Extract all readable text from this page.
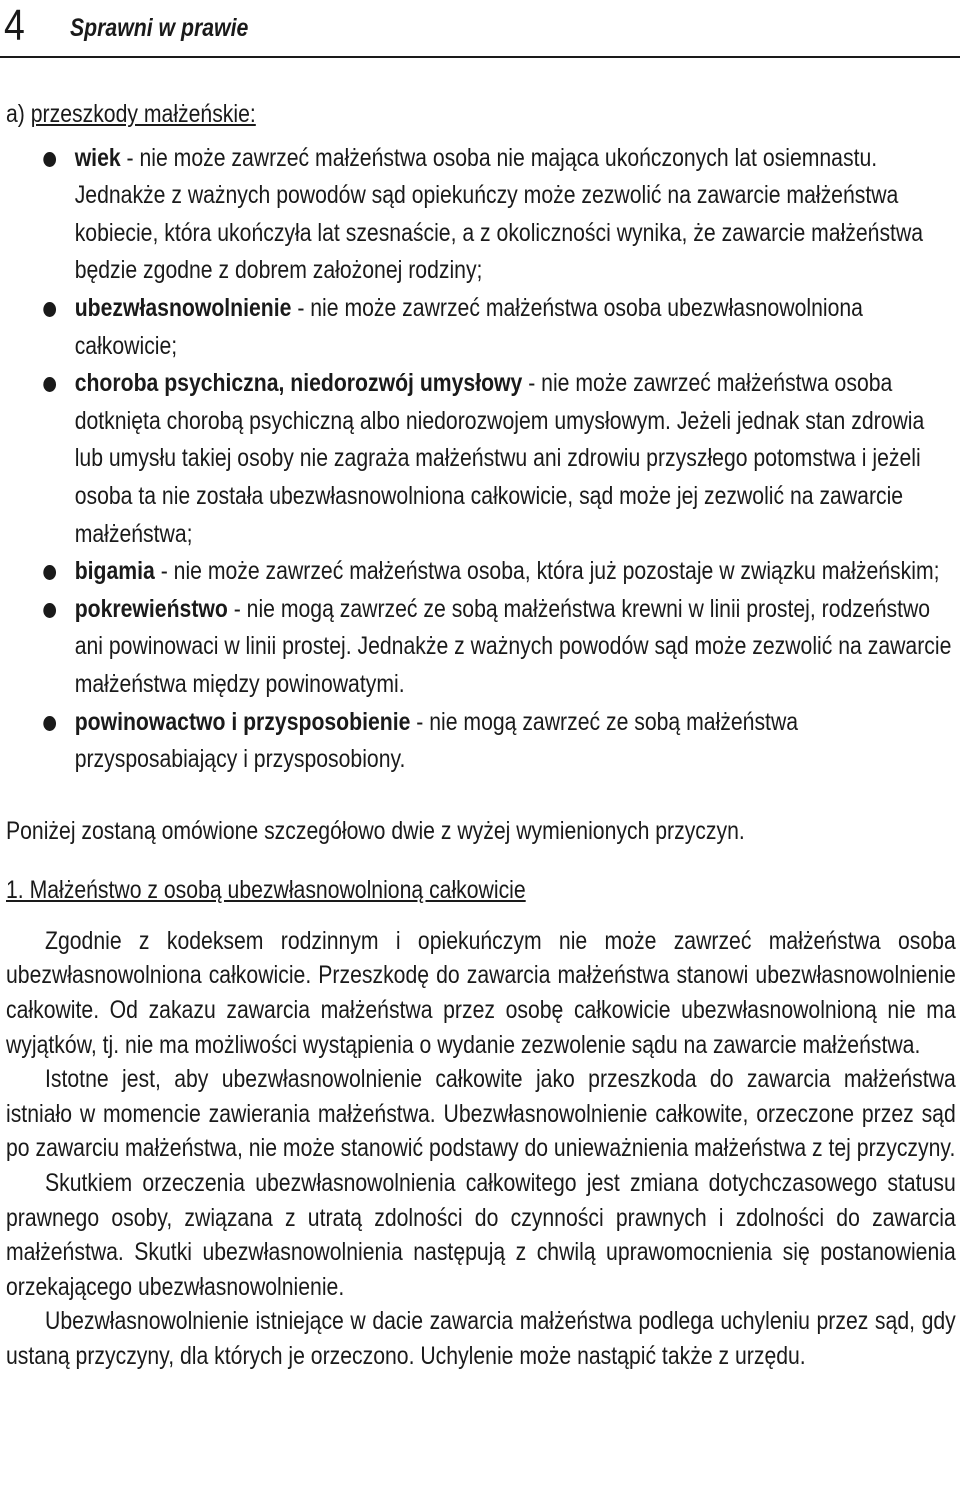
4 Sprawni w prawie
a) przeszkody małżeńskie:
wiek - nie może zawrzeć małżeństwa osoba nie mająca ukończonych lat osiemnastu. Jednakże z ważnych powodów sąd opiekuńczy może zezwolić na zawarcie małżeństwa kobiecie, która ukończyła lat szesnaście, a z okoliczności wynika, że zawarcie małżeństwa będzie zgodne z dobrem założonej rodziny;
ubezwłasnowolnienie - nie może zawrzeć małżeństwa osoba ubezwłasnowolniona całkowicie;
choroba psychiczna, niedorozwój umysłowy - nie może zawrzeć małżeństwa osoba dotknięta chorobą psychiczną albo niedorozwojem umysłowym. Jeżeli jednak stan zdrowia lub umysłu takiej osoby nie zagraża małżeństwu ani zdrowiu przyszłego potomstwa i jeżeli osoba ta nie została ubezwłasnowolniona całkowicie, sąd może jej zezwolić na zawarcie małżeństwa;
bigamia - nie może zawrzeć małżeństwa osoba, która już pozostaje w związku małżeńskim;
pokrewieństwo - nie mogą zawrzeć ze sobą małżeństwa krewni w linii prostej, rodzeństwo ani powinowaci w linii prostej. Jednakże z ważnych powodów sąd może zezwolić na zawarcie małżeństwa między powinowatymi.
powinowactwo i przysposobienie - nie mogą zawrzeć ze sobą małżeństwa przysposabiający i przysposobiony.

Poniżej zostaną omówione szczegółowo dwie z wyżej wymienionych przyczyn.

1. Małżeństwo z osobą ubezwłasnowolnioną całkowicie

Zgodnie z kodeksem rodzinnym i opiekuńczym nie może zawrzeć małżeństwa osoba ubezwłasnowolniona całkowicie. Przeszkodę do zawarcia małżeństwa stanowi ubezwłasnowolnienie całkowite. Od zakazu zawarcia małżeństwa przez osobę całkowicie ubezwłasnowolnioną nie ma wyjątków, tj. nie ma możliwości wystąpienia o wydanie zezwolenie sądu na zawarcie małżeństwa.

Istotne jest, aby ubezwłasnowolnienie całkowite jako przeszkoda do zawarcia małżeństwa istniało w momencie zawierania małżeństwa. Ubezwłasnowolnienie całkowite, orzeczone przez sąd po zawarciu małżeństwa, nie może stanowić podstawy do unieważnienia małżeństwa z tej przyczyny.

Skutkiem orzeczenia ubezwłasnowolnienia całkowitego jest zmiana dotychczasowego statusu prawnego osoby, związana z utratą zdolności do czynności prawnych i zdolności do zawarcia małżeństwa. Skutki ubezwłasnowolnienia następują z chwilą uprawomocnienia się postanowienia orzekającego ubezwłasnowolnienie.

Ubezwłasnowolnienie istniejące w dacie zawarcia małżeństwa podlega uchyleniu przez sąd, gdy ustaną przyczyny, dla których je orzeczono. Uchylenie może nastąpić także z urzędu.
